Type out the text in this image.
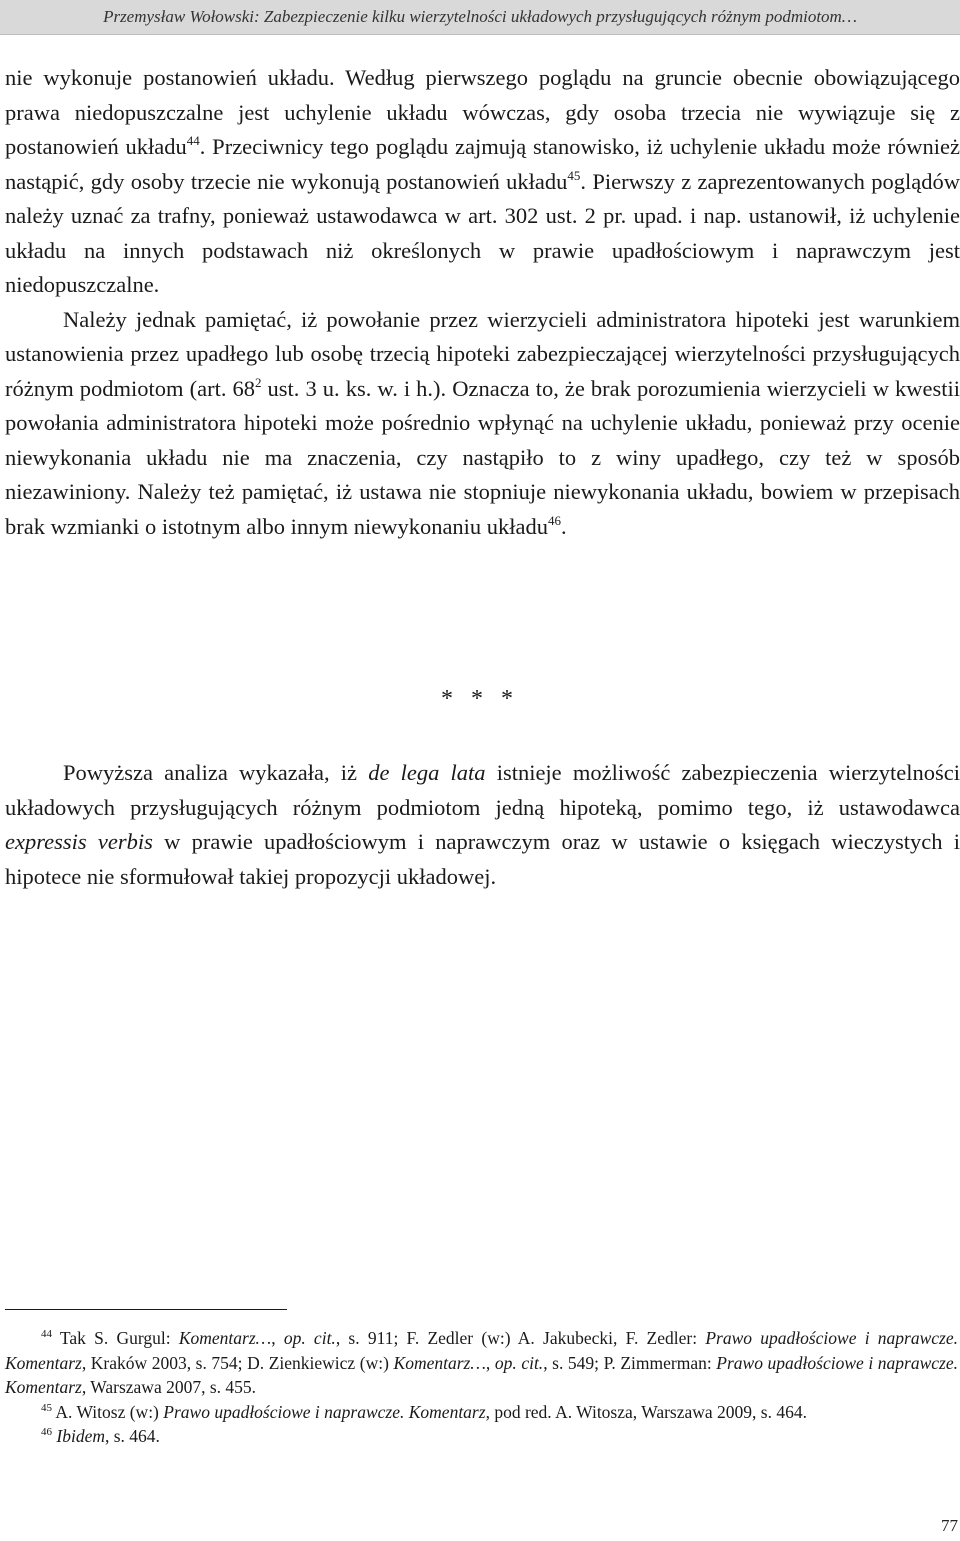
Przemysław Wołowski: Zabezpieczenie kilku wierzytelności układowych przysługujących różnym podmiotom…

nie wykonuje postanowień układu. Według pierwszego poglądu na gruncie obecnie obowiązującego prawa niedopuszczalne jest uchylenie układu wówczas, gdy osoba trzecia nie wywiązuje się z postanowień układu$^{44}$. Przeciwnicy tego poglądu zajmują stanowisko, iż uchylenie układu może również nastąpić, gdy osoby trzecie nie wykonują postanowień układu$^{45}$. Pierwszy z zaprezentowanych poglądów należy uznać za trafny, ponieważ ustawodawca w art. 302 ust. 2 pr. upad. i nap. ustanowił, iż uchylenie układu na innych podstawach niż określonych w prawie upadłościowym i naprawczym jest niedopuszczalne.

Należy jednak pamiętać, iż powołanie przez wierzycieli administratora hipoteki jest warunkiem ustanowienia przez upadłego lub osobę trzecią hipoteki zabezpieczającej wierzytelności przysługujących różnym podmiotom (art. $68^2$ ust. 3 u. ks. w. i h.). Oznacza to, że brak porozumienia wierzycieli w kwestii powołania administratora hipoteki może pośrednio wpłynąć na uchylenie układu, ponieważ przy ocenie niewykonania układu nie ma znaczenia, czy nastąpiło to z winy upadłego, czy też w sposób niezawiniony. Należy też pamiętać, iż ustawa nie stopniuje niewykonania układu, bowiem w przepisach brak wzmianki o istotnym albo innym niewykonaniu układu$^{46}$.

* * *

Powyższa analiza wykazała, iż de lega lata istnieje możliwość zabezpieczenia wierzytelności układowych przysługujących różnym podmiotom jedną hipoteką, pomimo tego, iż ustawodawca expressis verbis w prawie upadłościowym i naprawczym oraz w ustawie o księgach wieczystych i hipotece nie sformułował takiej propozycji układowej.

$^{44}$ Tak S. Gurgul: Komentarz…, op. cit., s. 911; F. Zedler (w:) A. Jakubecki, F. Zedler: Prawo upadłościowe i naprawcze. Komentarz, Kraków 2003, s. 754; D. Zienkiewicz (w:) Komentarz…, op. cit., s. 549; P. Zimmerman: Prawo upadłościowe i naprawcze. Komentarz, Warszawa 2007, s. 455.

$^{45}$ A. Witosz (w:) Prawo upadłościowe i naprawcze. Komentarz, pod red. A. Witosza, Warszawa 2009, s. 464.

$^{46}$ Ibidem, s. 464.

77
